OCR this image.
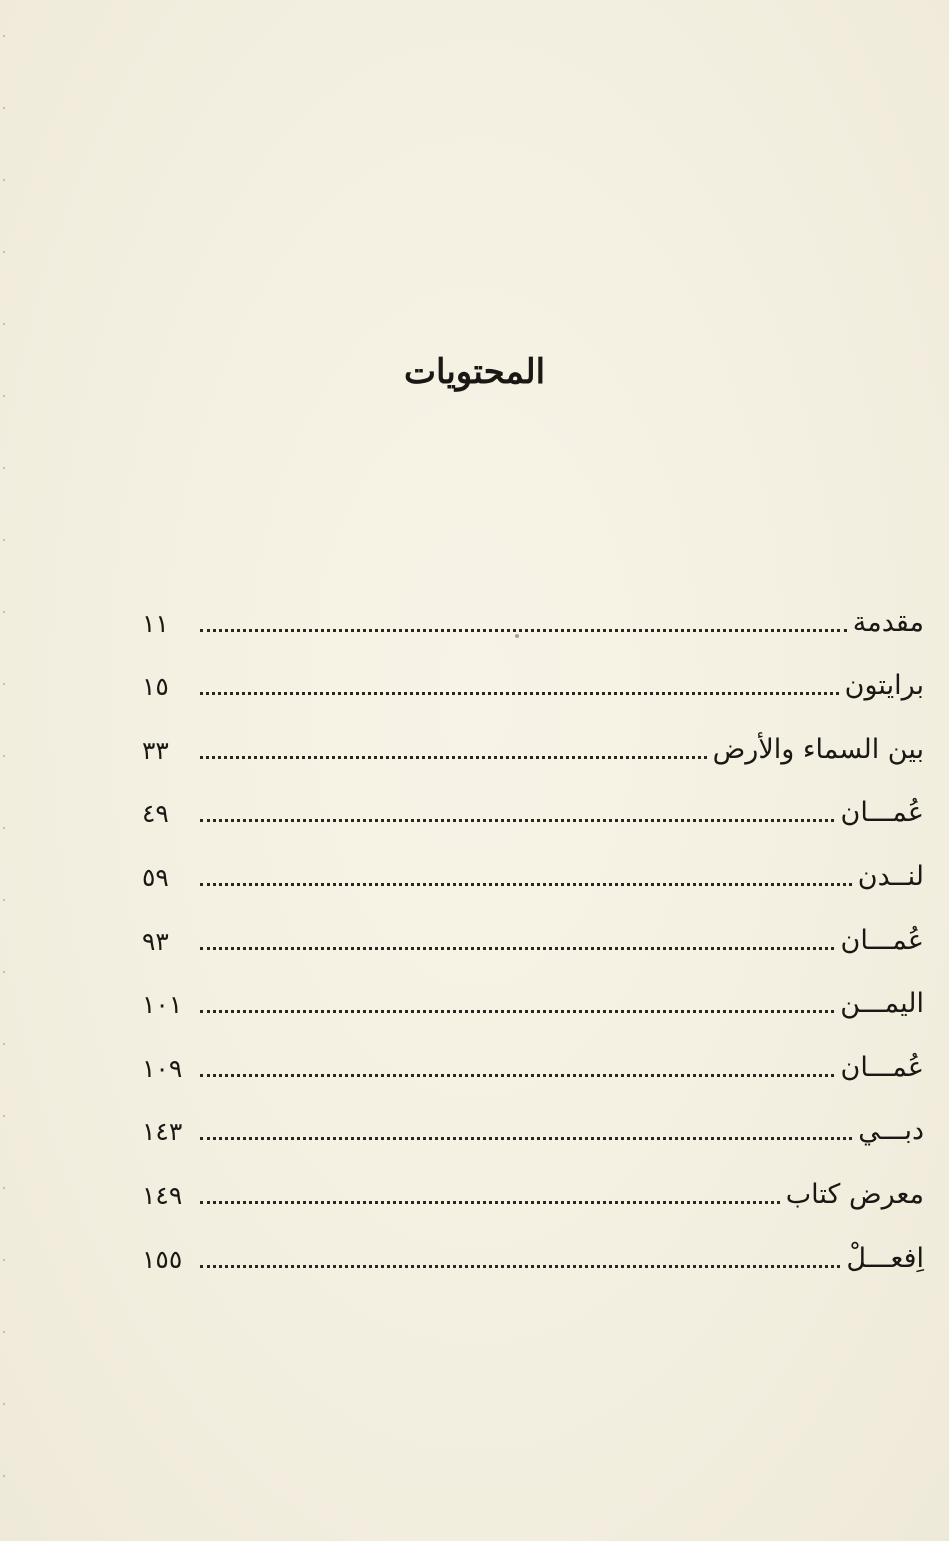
المحتويات
مقدمة
١١
برايتون
١٥
بين السماء والأرض
٣٣
عُمـــان
٤٩
لنــدن
٥٩
عُمـــان
٩٣
اليمـــن
١٠١
عُمـــان
١٠٩
دبـــي
١٤٣
معرض كتاب
١٤٩
اِفعـــلْ
١٥٥
